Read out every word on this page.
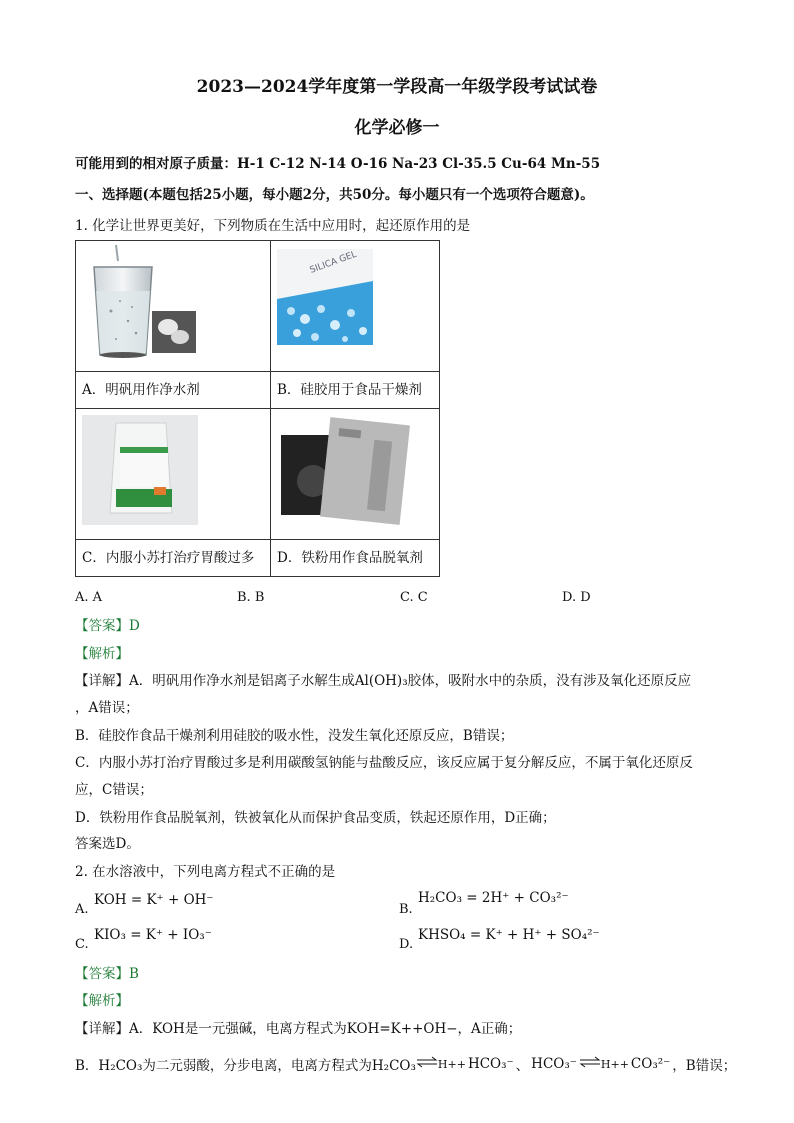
2023—2024学年度第一学段高一年级学段考试试卷
化学必修一
可能用到的相对原子质量：H-1 C-12 N-14 O-16 Na-23 Cl-35.5 Cu-64 Mn-55
一、选择题(本题包括25小题，每小题2分，共50分。每小题只有一个选项符合题意)。
1. 化学让世界更美好，下列物质在生活中应用时，起还原作用的是

SILICA GEL

A．明矾用作净水剂	B．硅胶用于食品干燥剂

C．内服小苏打治疗胃酸过多	D．铁粉用作食品脱氧剂
A. A	B. B	C. C	D. D
【答案】D
【解析】
【详解】A．明矾用作净水剂是铝离子水解生成Al(OH)₃胶体，吸附水中的杂质，没有涉及氧化还原反应
，A错误；
B．硅胶作食品干燥剂利用硅胶的吸水性，没发生氧化还原反应，B错误；
C．内服小苏打治疗胃酸过多是利用碳酸氢钠能与盐酸反应，该反应属于复分解反应，不属于氧化还原反
应，C错误；
D．铁粉用作食品脱氧剂，铁被氧化从而保护食品变质，铁起还原作用，D正确；
答案选D。
2. 在水溶液中，下列电离方程式不正确的是
A.
KOH = K⁺ + OH⁻
B.
H₂CO₃ = 2H⁺ + CO₃²⁻
C.
KIO₃ = K⁺ + IO₃⁻
D.
KHSO₄ = K⁺ + H⁺ + SO₄²⁻
【答案】B
【解析】
【详解】A．KOH是一元强碱，电离方程式为KOH=K++OH−，A正确；
B．H₂CO₃为二元弱酸，分步电离，电离方程式为H₂CO₃ ⇌ H++ HCO₃⁻ 、 HCO₃⁻ ⇌ H++ CO₃²⁻ ，B错误；
